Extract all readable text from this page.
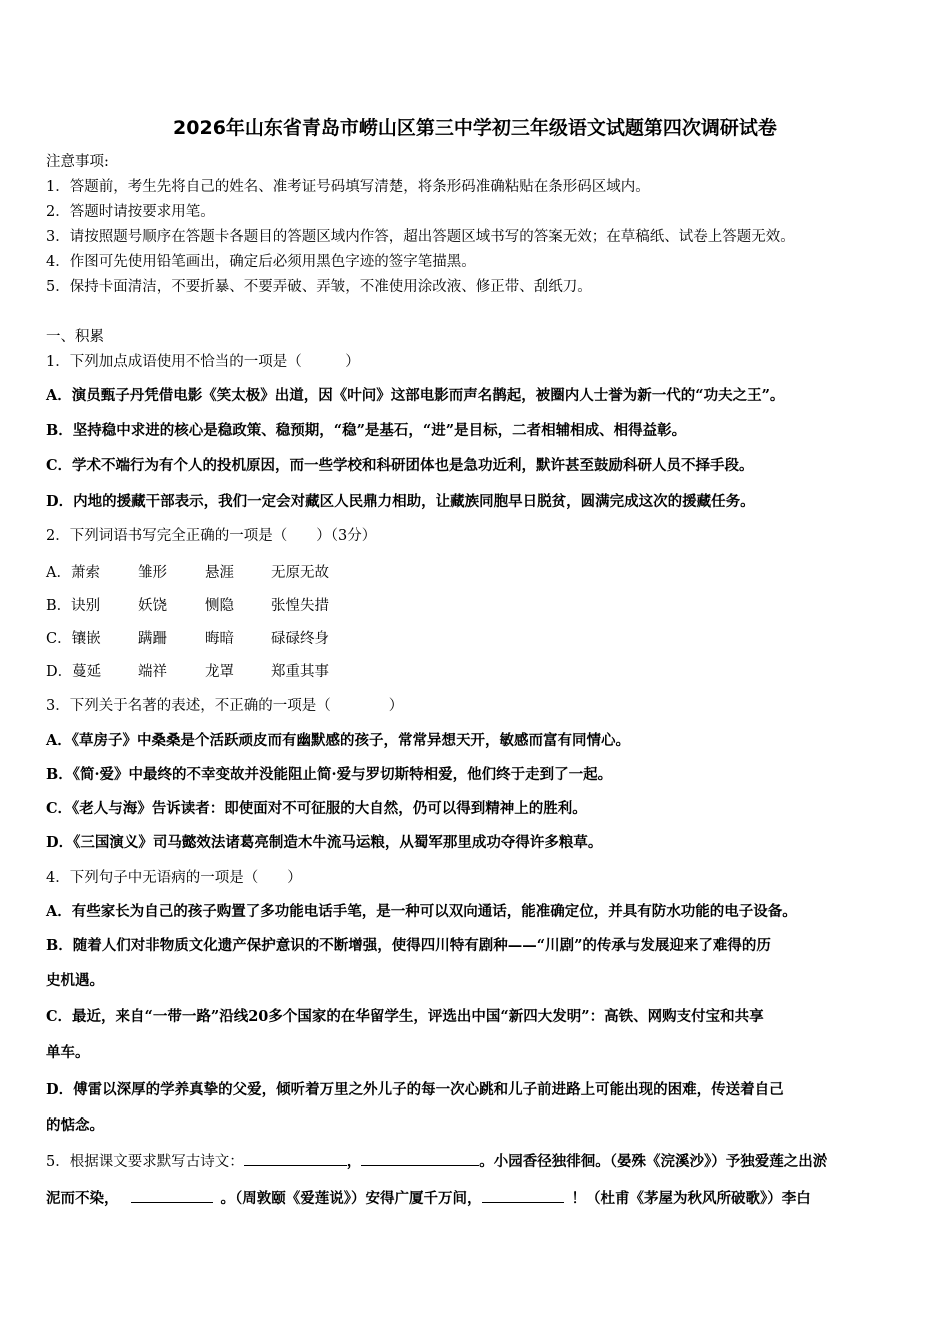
2026年山东省青岛市崂山区第三中学初三年级语文试题第四次调研试卷
注意事项:
1．答题前，考生先将自己的姓名、准考证号码填写清楚，将条形码准确粘贴在条形码区域内。
2．答题时请按要求用笔。
3．请按照题号顺序在答题卡各题目的答题区域内作答，超出答题区域书写的答案无效；在草稿纸、试卷上答题无效。
4．作图可先使用铅笔画出，确定后必须用黑色字迹的签字笔描黑。
5．保持卡面清洁，不要折暴、不要弄破、弄皱，不准使用涂改液、修正带、刮纸刀。
一、积累
1．下列加点成语使用不恰当的一项是（　　　）
A．演员甄子丹凭借电影《笑太极》出道，因《叶问》这部电影而声名鹊起，被圈内人士誉为新一代的“功夫之王”。
B．坚持稳中求进的核心是稳政策、稳预期，“稳”是基石，“进”是目标，二者相辅相成、相得益彰。
C．学术不端行为有个人的投机原因，而一些学校和科研团体也是急功近利，默许甚至鼓励科研人员不择手段。
D．内地的援藏干部表示，我们一定会对藏区人民鼎力相助，让藏族同胞早日脱贫，圆满完成这次的援藏任务。
2．下列词语书写完全正确的一项是（　　）（3分）
A．萧索	雏形	悬涯	无原无故
B．诀别	妖饶	恻隐	张惶失措
C．镶嵌	蹒跚	晦暗	碌碌终身
D．蔓延	端祥	龙罩	郑重其事
3．下列关于名著的表述，不正确的一项是（　　　　）
A．《草房子》中桑桑是个活跃顽皮而有幽默感的孩子，常常异想天开，敏感而富有同情心。
B．《简·爱》中最终的不幸变故并没能阻止简·爱与罗切斯特相爱，他们终于走到了一起。
C．《老人与海》告诉读者：即使面对不可征服的大自然，仍可以得到精神上的胜利。
D．《三国演义》司马懿效法诸葛亮制造木牛流马运粮，从蜀军那里成功夺得许多粮草。
4．下列句子中无语病的一项是（　　）
A．有些家长为自己的孩子购置了多功能电话手笔，是一种可以双向通话，能准确定位，并具有防水功能的电子设备。
B．随着人们对非物质文化遗产保护意识的不断增强，使得四川特有剧种——“川剧”的传承与发展迎来了难得的历
史机遇。
C．最近，来自“一带一路”沿线20多个国家的在华留学生，评选出中国“新四大发明”：高铁、网购支付宝和共享
单车。
D．傅雷以深厚的学养真挚的父爱，倾听着万里之外儿子的每一次心跳和儿子前进路上可能出现的困难，传送着自己
的惦念。
5．根据课文要求默写古诗文：	，	。小园香径独徘徊。（晏殊《浣溪沙》）予独爱莲之出淤
泥而不染，	。（周敦颐《爱莲说》）安得广厦千万间，	！（杜甫《茅屋为秋风所破歌》）李白
